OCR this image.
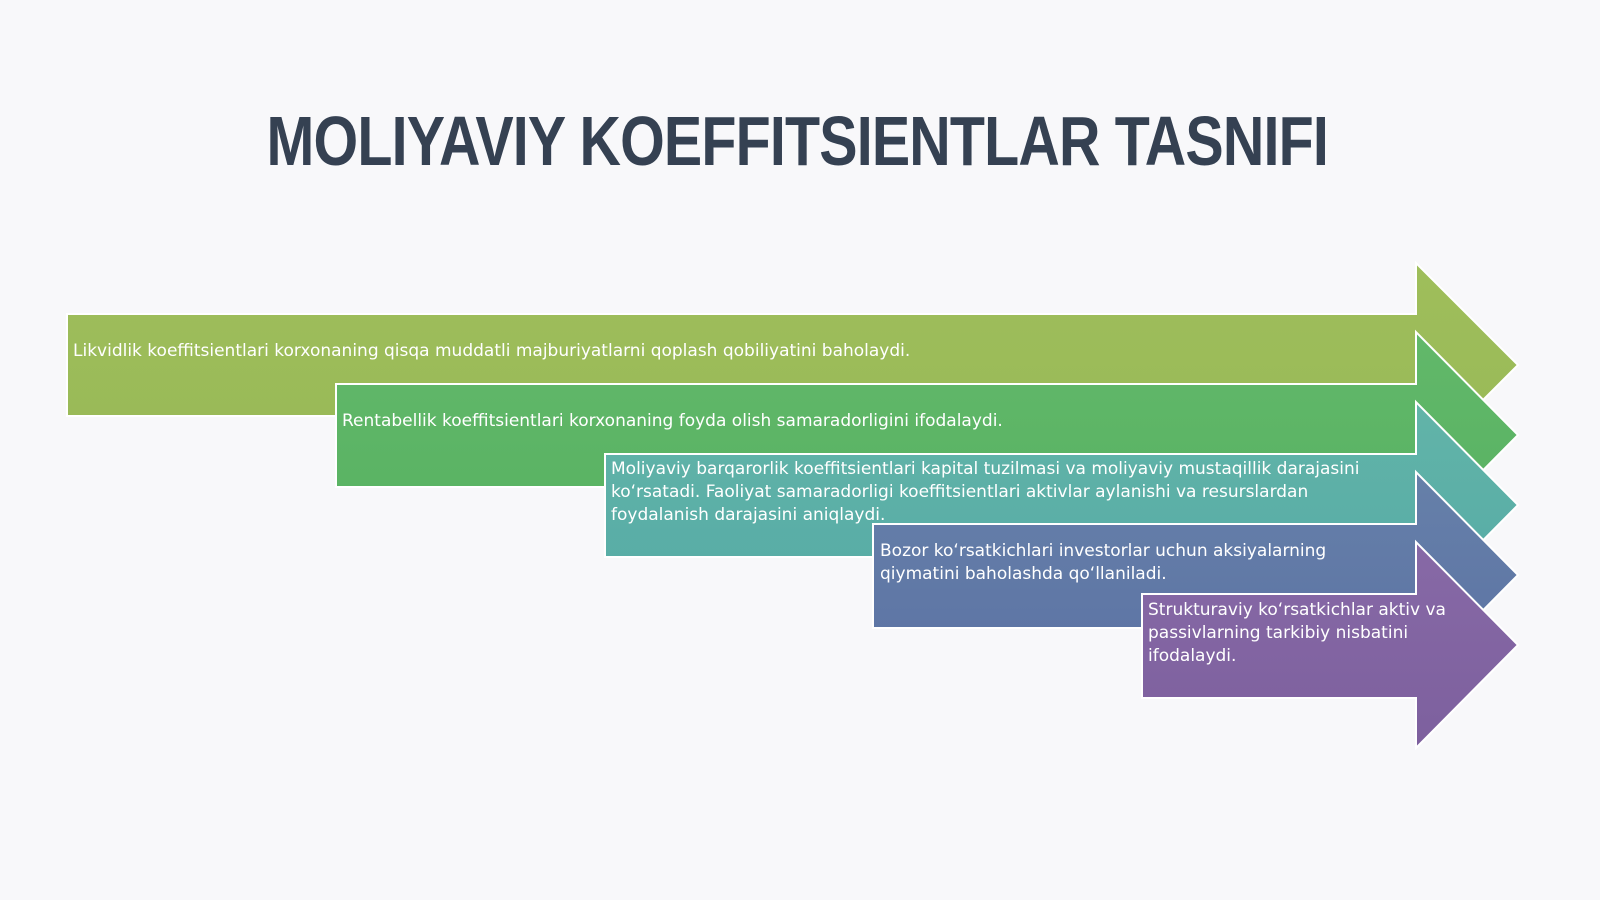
MOLIYAVIY KOEFFITSIENTLAR TASNIFI
Likvidlik koeffitsientlari korxonaning qisqa muddatli majburiyatlarni qoplash qobiliyatini baholaydi.
Rentabellik koeffitsientlari korxonaning foyda olish samaradorligini ifodalaydi.
Moliyaviy barqarorlik koeffitsientlari kapital tuzilmasi va moliyaviy mustaqillik darajasini koʻrsatadi. Faoliyat samaradorligi koeffitsientlari aktivlar aylanishi va resurslardan foydalanish darajasini aniqlaydi.
Bozor koʻrsatkichlari investorlar uchun aksiyalarning qiymatini baholashda qoʻllaniladi.
Strukturaviy koʻrsatkichlar aktiv va passivlarning tarkibiy nisbatini ifodalaydi.
